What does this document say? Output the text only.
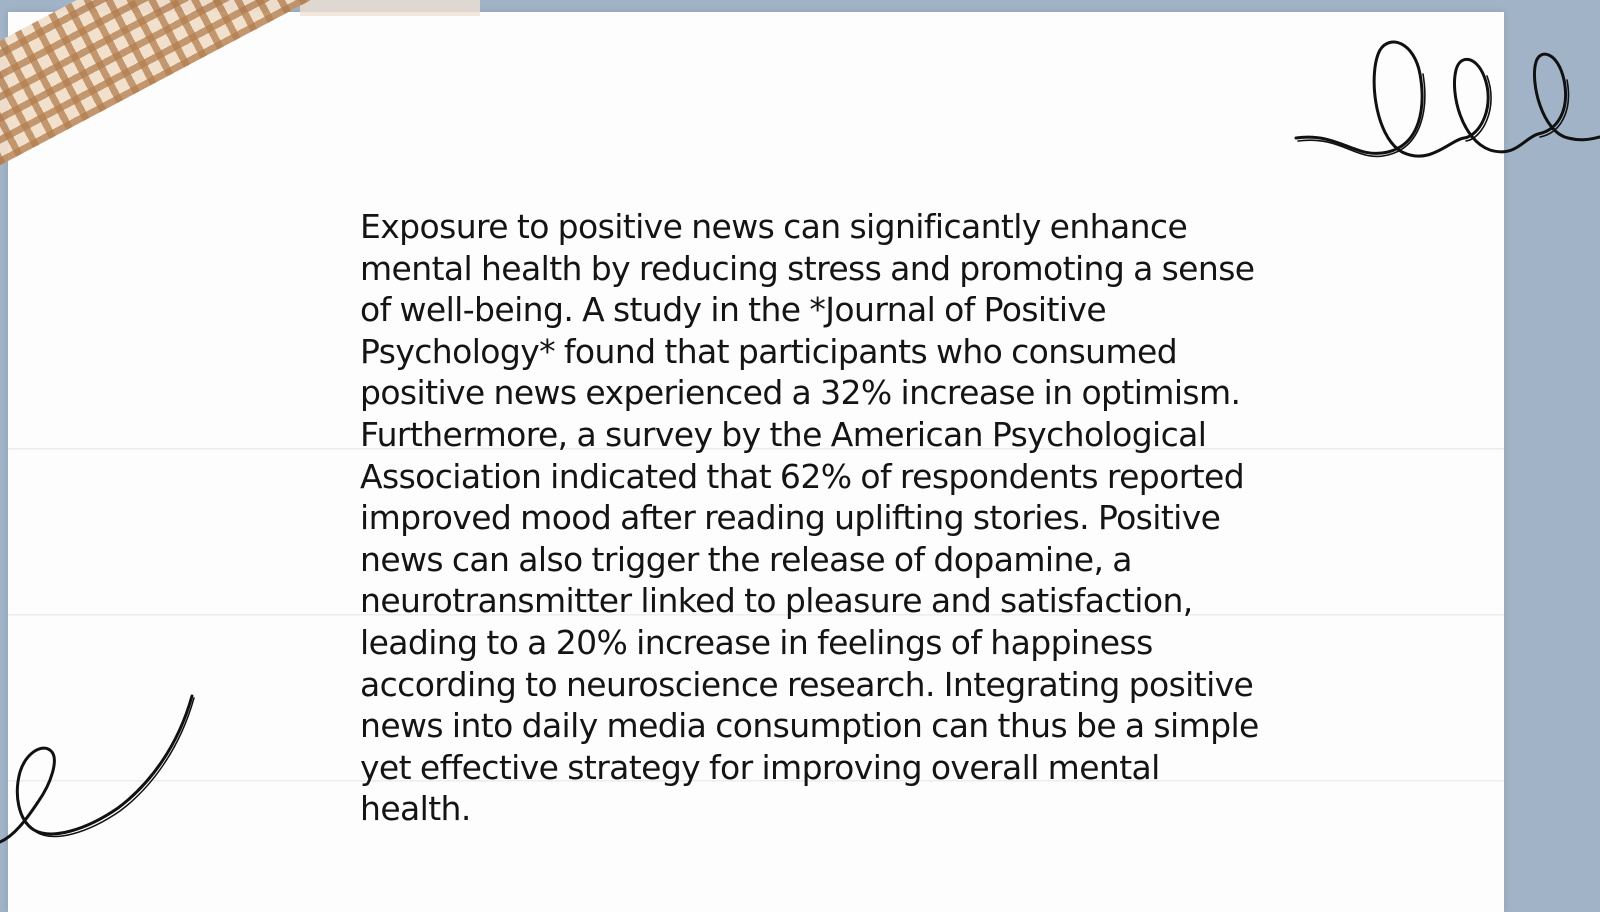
Exposure to positive news can significantly enhance mental health by reducing stress and promoting a sense of well-being. A study in the *Journal of Positive Psychology* found that participants who consumed positive news experienced a 32% increase in optimism. Furthermore, a survey by the American Psychological Association indicated that 62% of respondents reported improved mood after reading uplifting stories. Positive news can also trigger the release of dopamine, a neurotransmitter linked to pleasure and satisfaction, leading to a 20% increase in feelings of happiness according to neuroscience research. Integrating positive news into daily media consumption can thus be a simple yet effective strategy for improving overall mental health.
